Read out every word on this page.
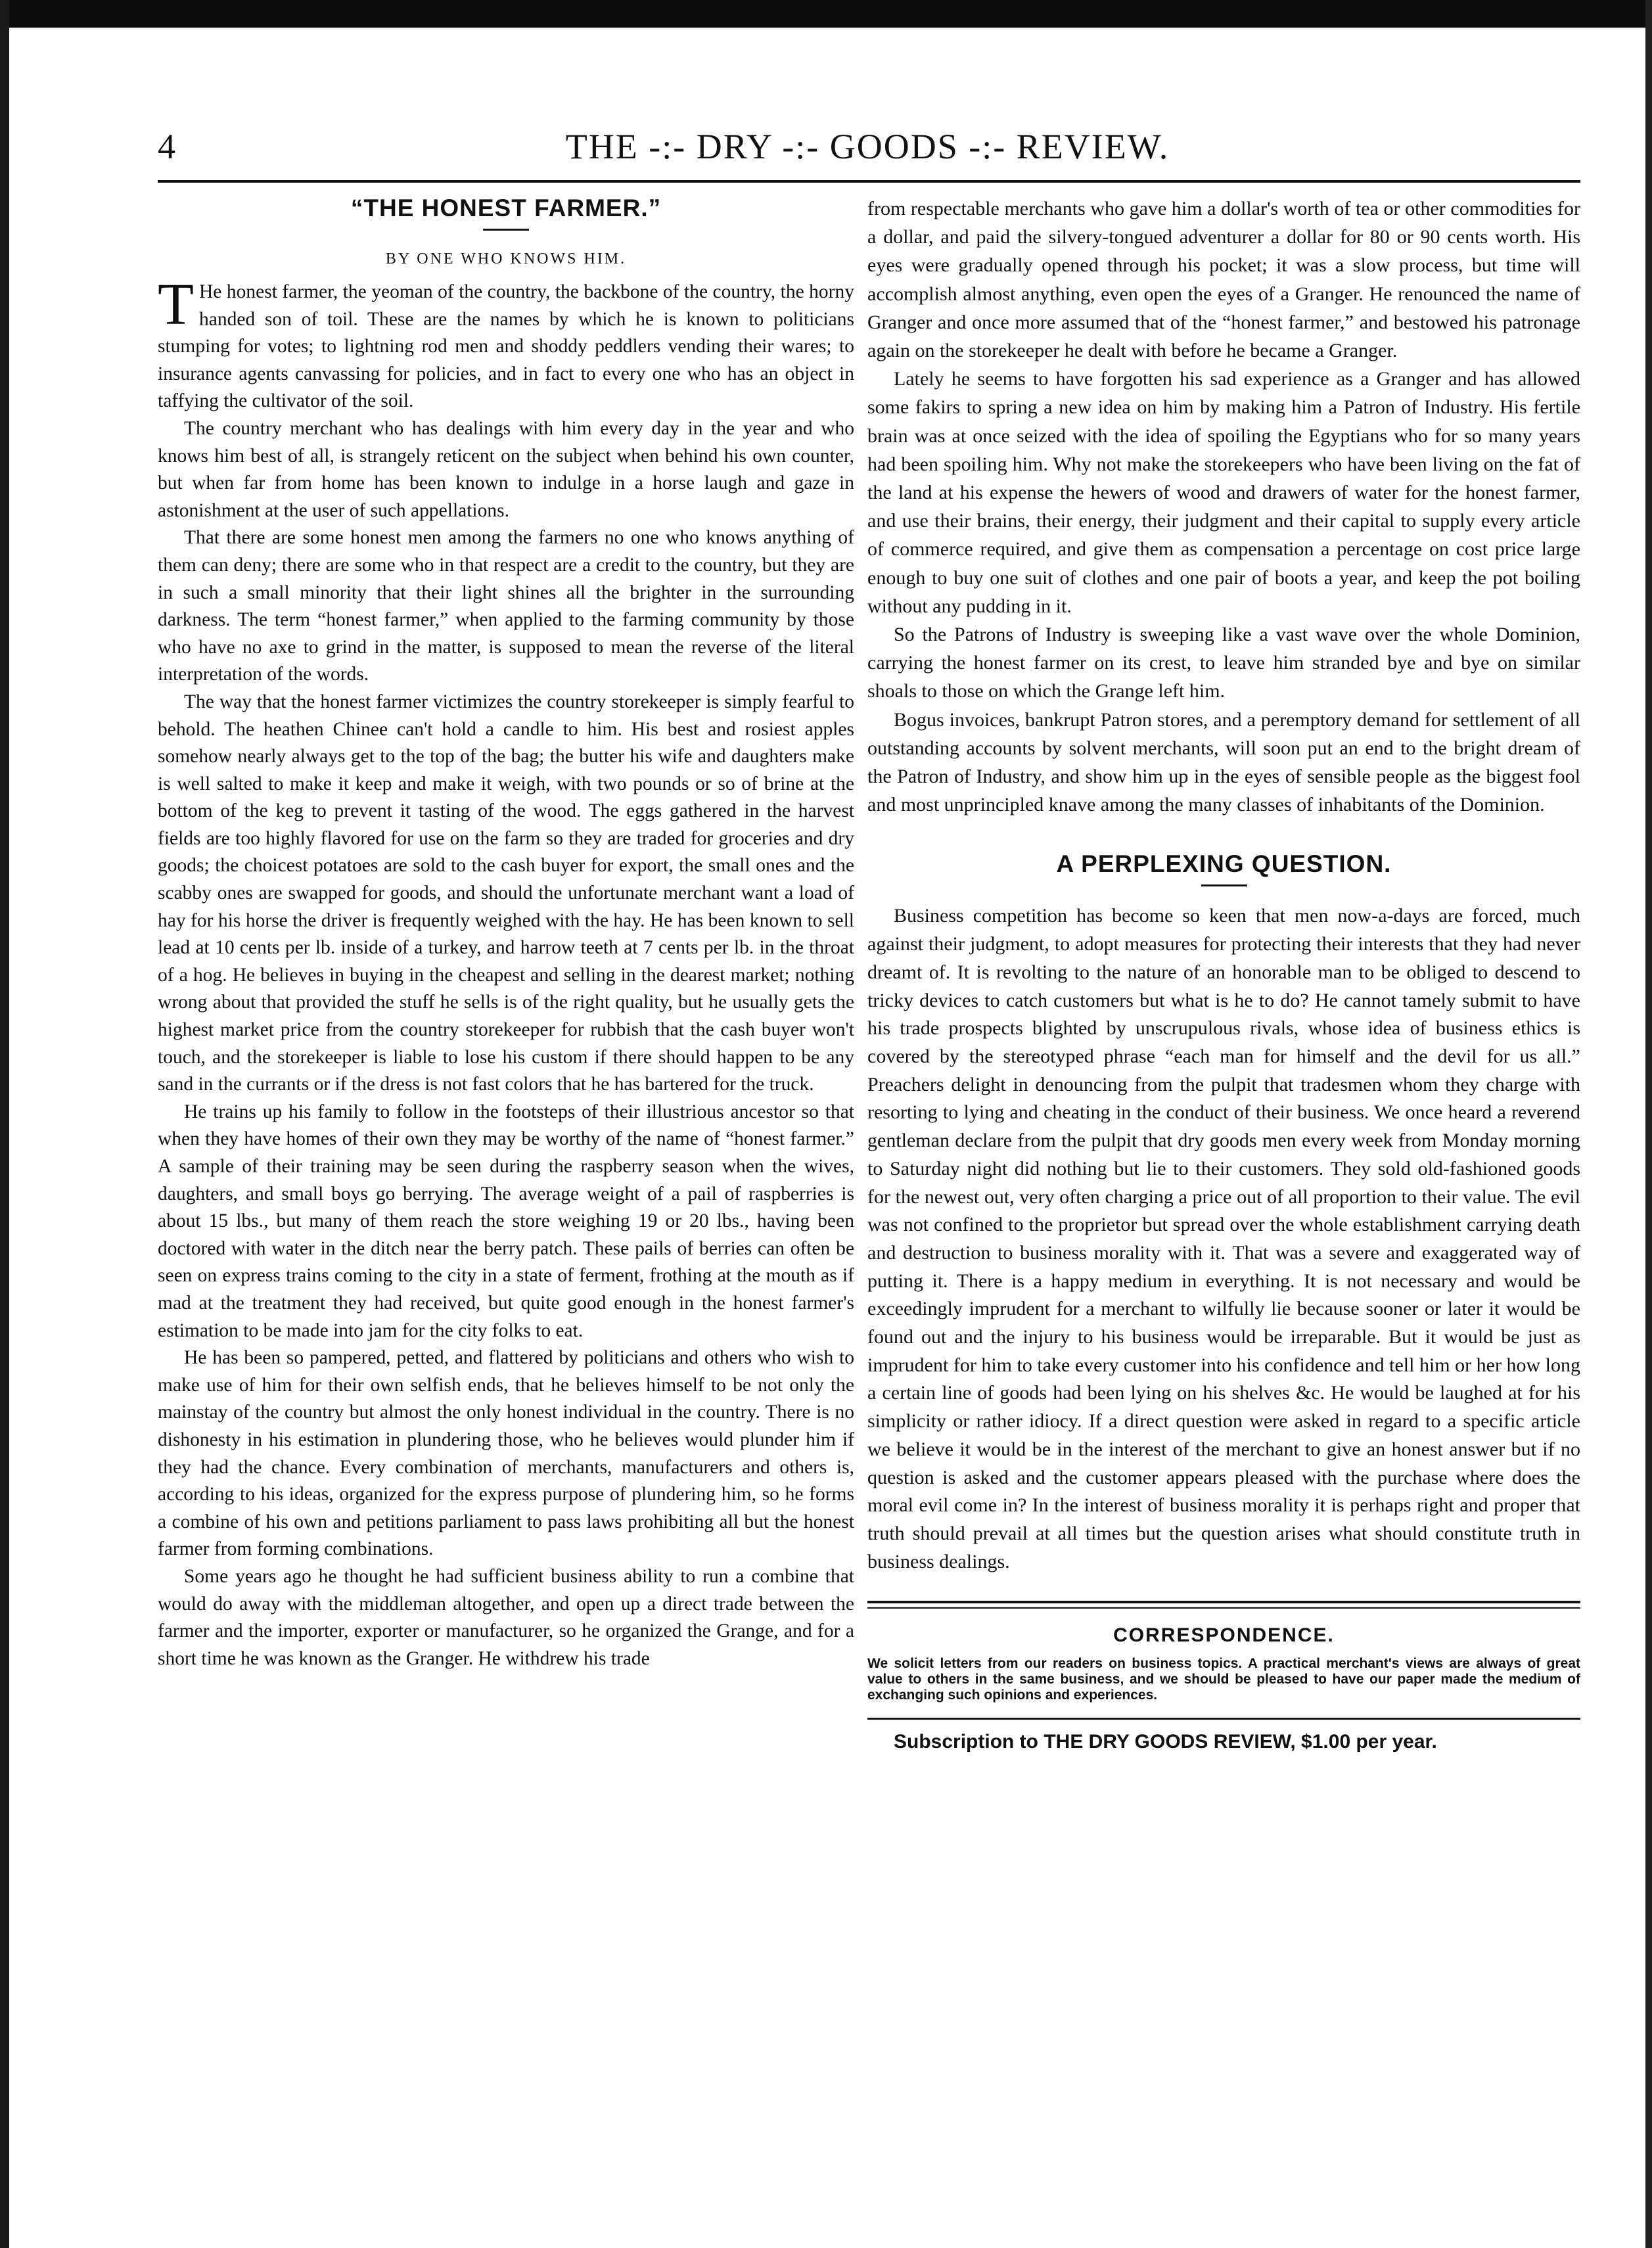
4	THE -:- DRY -:- GOODS -:- REVIEW.
“THE HONEST FARMER.”
BY ONE WHO KNOWS HIM.

T He honest farmer, the yeoman of the country, the backbone of the country, the horny handed son of toil. These are the names by which he is known to politicians stumping for votes; to lightning rod men and shoddy peddlers vending their wares; to insurance agents canvassing for policies, and in fact to every one who has an object in taffying the cultivator of the soil.

The country merchant who has dealings with him every day in the year and who knows him best of all, is strangely reticent on the subject when behind his own counter, but when far from home has been known to indulge in a horse laugh and gaze in astonishment at the user of such appellations.

That there are some honest men among the farmers no one who knows anything of them can deny; there are some who in that respect are a credit to the country, but they are in such a small minority that their light shines all the brighter in the surrounding darkness. The term “honest farmer,” when applied to the farming community by those who have no axe to grind in the matter, is supposed to mean the reverse of the literal interpretation of the words.

The way that the honest farmer victimizes the country storekeeper is simply fearful to behold. The heathen Chinee can't hold a candle to him. His best and rosiest apples somehow nearly always get to the top of the bag; the butter his wife and daughters make is well salted to make it keep and make it weigh, with two pounds or so of brine at the bottom of the keg to prevent it tasting of the wood. The eggs gathered in the harvest fields are too highly flavored for use on the farm so they are traded for groceries and dry goods; the choicest potatoes are sold to the cash buyer for export, the small ones and the scabby ones are swapped for goods, and should the unfortunate merchant want a load of hay for his horse the driver is frequently weighed with the hay. He has been known to sell lead at 10 cents per lb. inside of a turkey, and harrow teeth at 7 cents per lb. in the throat of a hog. He believes in buying in the cheapest and selling in the dearest market; nothing wrong about that provided the stuff he sells is of the right quality, but he usually gets the highest market price from the country storekeeper for rubbish that the cash buyer won't touch, and the storekeeper is liable to lose his custom if there should happen to be any sand in the currants or if the dress is not fast colors that he has bartered for the truck.

He trains up his family to follow in the footsteps of their illustrious ancestor so that when they have homes of their own they may be worthy of the name of “honest farmer.” A sample of their training may be seen during the raspberry season when the wives, daughters, and small boys go berrying. The average weight of a pail of raspberries is about 15 lbs., but many of them reach the store weighing 19 or 20 lbs., having been doctored with water in the ditch near the berry patch. These pails of berries can often be seen on express trains coming to the city in a state of ferment, frothing at the mouth as if mad at the treatment they had received, but quite good enough in the honest farmer's estimation to be made into jam for the city folks to eat.

He has been so pampered, petted, and flattered by politicians and others who wish to make use of him for their own selfish ends, that he believes himself to be not only the mainstay of the country but almost the only honest individual in the country. There is no dishonesty in his estimation in plundering those, who he believes would plunder him if they had the chance. Every combination of merchants, manufacturers and others is, according to his ideas, organized for the express purpose of plundering him, so he forms a combine of his own and petitions parliament to pass laws prohibiting all but the honest farmer from forming combinations.

Some years ago he thought he had sufficient business ability to run a combine that would do away with the middleman altogether, and open up a direct trade between the farmer and the importer, exporter or manufacturer, so he organized the Grange, and for a short time he was known as the Granger. He withdrew his trade

from respectable merchants who gave him a dollar's worth of tea or other commodities for a dollar, and paid the silvery-tongued adventurer a dollar for 80 or 90 cents worth. His eyes were gradually opened through his pocket; it was a slow process, but time will accomplish almost anything, even open the eyes of a Granger. He renounced the name of Granger and once more assumed that of the “honest farmer,” and bestowed his patronage again on the storekeeper he dealt with before he became a Granger.

Lately he seems to have forgotten his sad experience as a Granger and has allowed some fakirs to spring a new idea on him by making him a Patron of Industry. His fertile brain was at once seized with the idea of spoiling the Egyptians who for so many years had been spoiling him. Why not make the storekeepers who have been living on the fat of the land at his expense the hewers of wood and drawers of water for the honest farmer, and use their brains, their energy, their judgment and their capital to supply every article of commerce required, and give them as compensation a percentage on cost price large enough to buy one suit of clothes and one pair of boots a year, and keep the pot boiling without any pudding in it.

So the Patrons of Industry is sweeping like a vast wave over the whole Dominion, carrying the honest farmer on its crest, to leave him stranded bye and bye on similar shoals to those on which the Grange left him.

Bogus invoices, bankrupt Patron stores, and a peremptory demand for settlement of all outstanding accounts by solvent merchants, will soon put an end to the bright dream of the Patron of Industry, and show him up in the eyes of sensible people as the biggest fool and most unprincipled knave among the many classes of inhabitants of the Dominion.

A PERPLEXING QUESTION.

Business competition has become so keen that men now-a-days are forced, much against their judgment, to adopt measures for protecting their interests that they had never dreamt of. It is revolting to the nature of an honorable man to be obliged to descend to tricky devices to catch customers but what is he to do? He cannot tamely submit to have his trade prospects blighted by unscrupulous rivals, whose idea of business ethics is covered by the stereotyped phrase “each man for himself and the devil for us all.” Preachers delight in denouncing from the pulpit that tradesmen whom they charge with resorting to lying and cheating in the conduct of their business. We once heard a reverend gentleman declare from the pulpit that dry goods men every week from Monday morning to Saturday night did nothing but lie to their customers. They sold old-fashioned goods for the newest out, very often charging a price out of all proportion to their value. The evil was not confined to the proprietor but spread over the whole establishment carrying death and destruction to business morality with it. That was a severe and exaggerated way of putting it. There is a happy medium in everything. It is not necessary and would be exceedingly imprudent for a merchant to wilfully lie because sooner or later it would be found out and the injury to his business would be irreparable. But it would be just as imprudent for him to take every customer into his confidence and tell him or her how long a certain line of goods had been lying on his shelves &c. He would be laughed at for his simplicity or rather idiocy. If a direct question were asked in regard to a specific article we believe it would be in the interest of the merchant to give an honest answer but if no question is asked and the customer appears pleased with the purchase where does the moral evil come in? In the interest of business morality it is perhaps right and proper that truth should prevail at all times but the question arises what should constitute truth in business dealings.

CORRESPONDENCE.

We solicit letters from our readers on business topics. A practical merchant's views are always of great value to others in the same business, and we should be pleased to have our paper made the medium of exchanging such opinions and experiences.

Subscription to THE DRY GOODS REVIEW, $1.00 per year.
